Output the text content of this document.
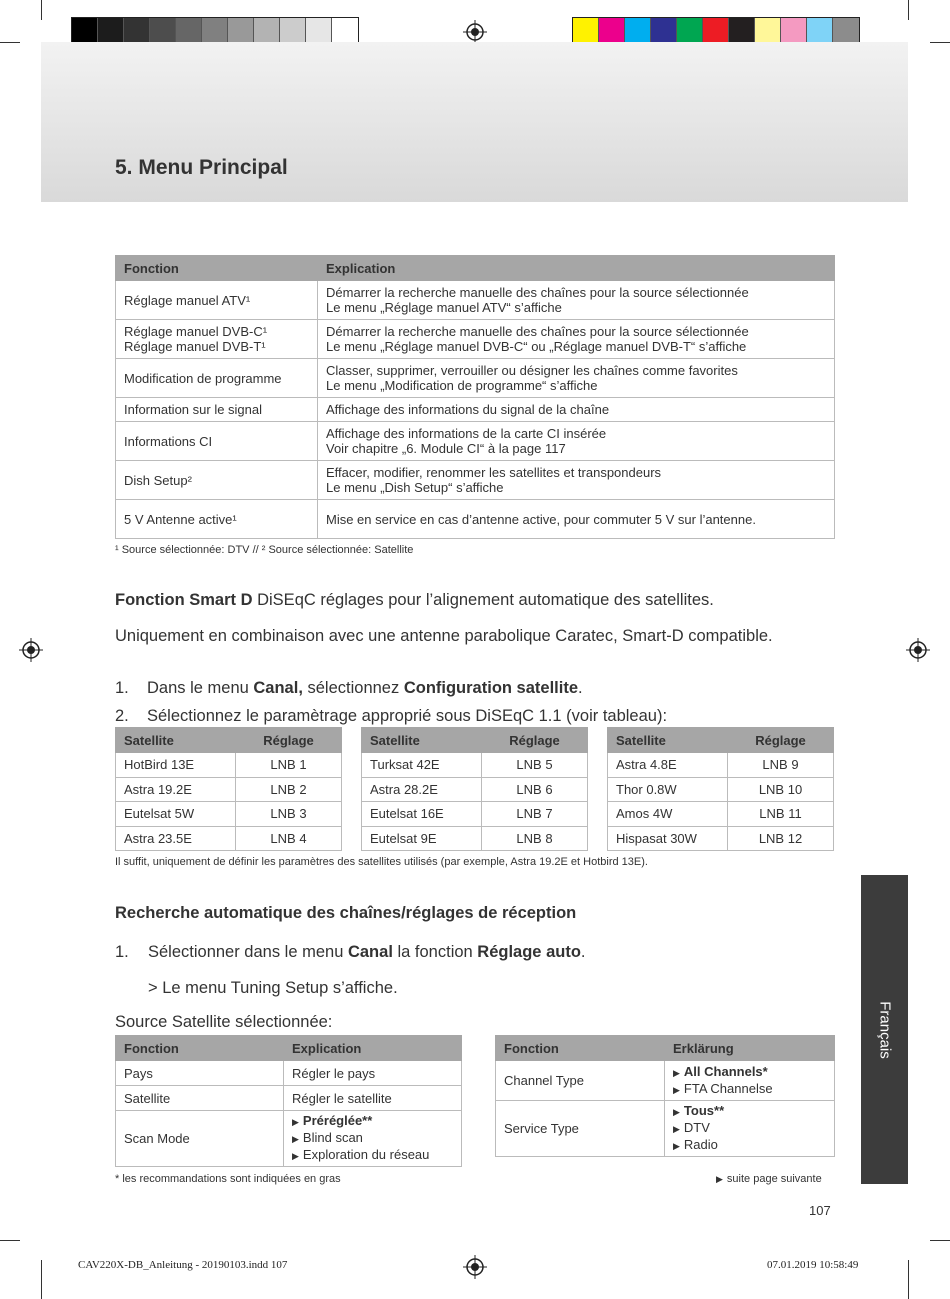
5. Menu Principal
Fonction	Explication
Réglage manuel ATV¹	Démarrer la recherche manuelle des chaînes pour la source sélectionnée
Le menu „Réglage manuel ATV“ s’affiche
Réglage manuel DVB-C¹
Réglage manuel DVB-T¹	Démarrer la recherche manuelle des chaînes pour la source sélectionnée
Le menu „Réglage manuel DVB-C“ ou „Réglage manuel DVB-T“ s’affiche
Modification de programme	Classer, supprimer, verrouiller ou désigner les chaînes comme favorites
Le menu „Modification de programme“ s’affiche
Information sur le signal	Affichage des informations du signal de la chaîne
Informations CI	Affichage des informations de la carte CI insérée
Voir chapitre „6. Module CI“ à la page 117
Dish Setup²	Effacer, modifier, renommer les satellites et transpondeurs
Le menu „Dish Setup“ s’affiche
5 V Antenne active¹	Mise en service en cas d’antenne active, pour commuter 5 V sur l’antenne.
¹ Source sélectionnée: DTV // ² Source sélectionnée: Satellite
Fonction Smart D DiSEqC réglages pour l’alignement automatique des satellites.
Uniquement en combinaison avec une antenne parabolique Caratec, Smart-D compatible.
1. Dans le menu Canal, sélectionnez Configuration satellite.
2. Sélectionnez le paramètrage approprié sous DiSEqC 1.1 (voir tableau):
Satellite	Réglage
HotBird 13E	LNB 1
Astra 19.2E	LNB 2
Eutelsat 5W	LNB 3
Astra 23.5E	LNB 4
Satellite	Réglage
Turksat 42E	LNB 5
Astra 28.2E	LNB 6
Eutelsat 16E	LNB 7
Eutelsat 9E	LNB 8
Satellite	Réglage
Astra 4.8E	LNB 9
Thor 0.8W	LNB 10
Amos 4W	LNB 11
Hispasat 30W	LNB 12
Il suffit, uniquement de définir les paramètres des satellites utilisés (par exemple, Astra 19.2E et Hotbird 13E).
Recherche automatique des chaînes/réglages de réception
1. Sélectionner dans le menu Canal la fonction Réglage auto.
> Le menu Tuning Setup s’affiche.
Source Satellite sélectionnée:
Fonction	Explication
Pays	Régler le pays
Satellite	Régler le satellite
Scan Mode	▶ Préréglée**
▶ Blind scan
▶ Exploration du réseau
Fonction	Erklärung
Channel Type	▶ All Channels*
▶ FTA Channelse
Service Type	▶ Tous**
▶ DTV
▶ Radio
* les recommandations sont indiquées en gras	▶ suite page suivante
Français
107
CAV220X-DB_Anleitung - 20190103.indd 107	07.01.2019 10:58:49
